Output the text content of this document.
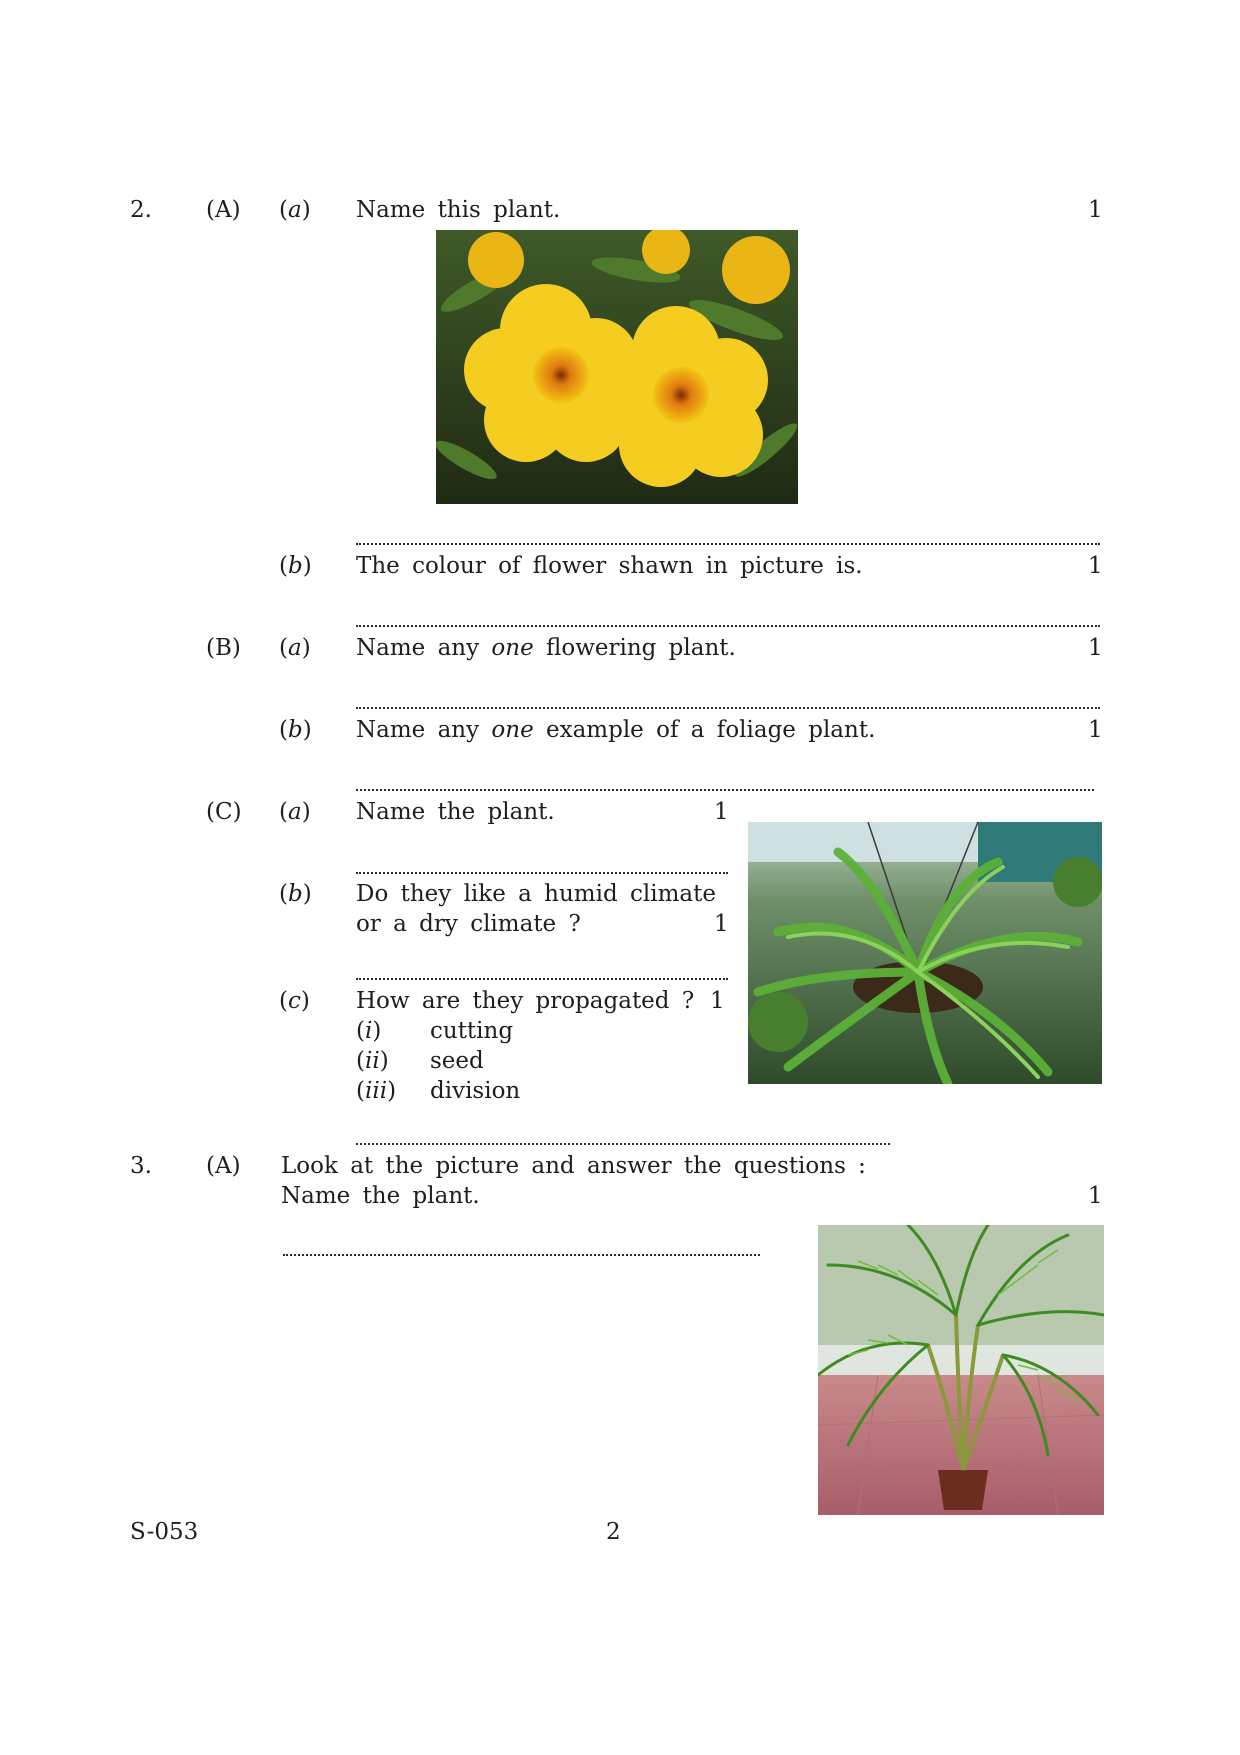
2. (A) (a) Name this plant.	1
(b) The colour of flower shawn in picture is.	1
(B) (a) Name any one flowering plant.	1
(b) Name any one example of a foliage plant.	1
(C) (a) Name the plant.	1
(b) Do they like a humid climate
or a dry climate ?	1
(c) How are they propagated ? 1
(i) cutting
(ii) seed
(iii) division
3. (A) Look at the picture and answer the questions :
Name the plant.	1
S-053	2
